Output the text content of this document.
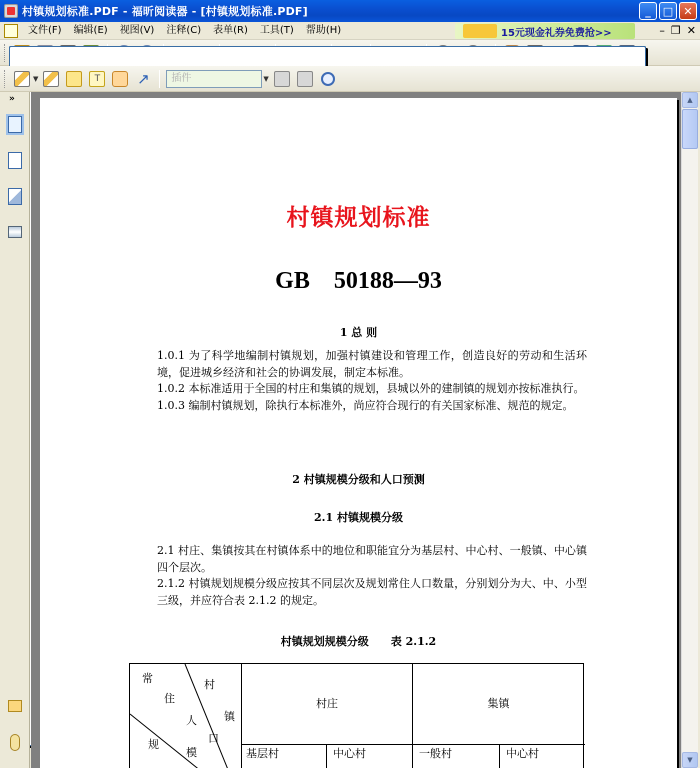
村镇规划标准.PDF - 福昕阅读器 - [村镇规划标准.PDF]	_	□ ✕
文件(F)	编辑(E)	视图(V)	注释(C)	表单(R)	工具(T)	帮助(H)	15元现金礼券免费抢>>	– ❐ ✕
▼	T	↗	插件	▼
»
村镇规划标准
GB 50188—93
1 总 则

1.0.1 为了科学地编制村镇规划，加强村镇建设和管理工作，创造良好的劳动和生活环境，促进城乡经济和社会的协调发展，制定本标准。

1.0.2 本标准适用于全国的村庄和集镇的规划，县城以外的建制镇的规划亦按标准执行。

1.0.3 编制村镇规划，除执行本标准外，尚应符合现行的有关国家标准、规范的规定。

2 村镇规模分级和人口预测
2.1 村镇规模分级

2.1 村庄、集镇按其在村镇体系中的地位和职能宜分为基层村、中心村、一般镇、中心镇四个层次。

2.1.2 村镇规划规模分级应按其不同层次及规划常住人口数量，分别划分为大、中、小型三级，并应符合表 2.1.2 的规定。

村镇规划规模分级　　表 2.1.2
村
镇
常
住
人
口
规
模
村庄	集镇
基层村	中心村	一般村	中心村
▲
▼
